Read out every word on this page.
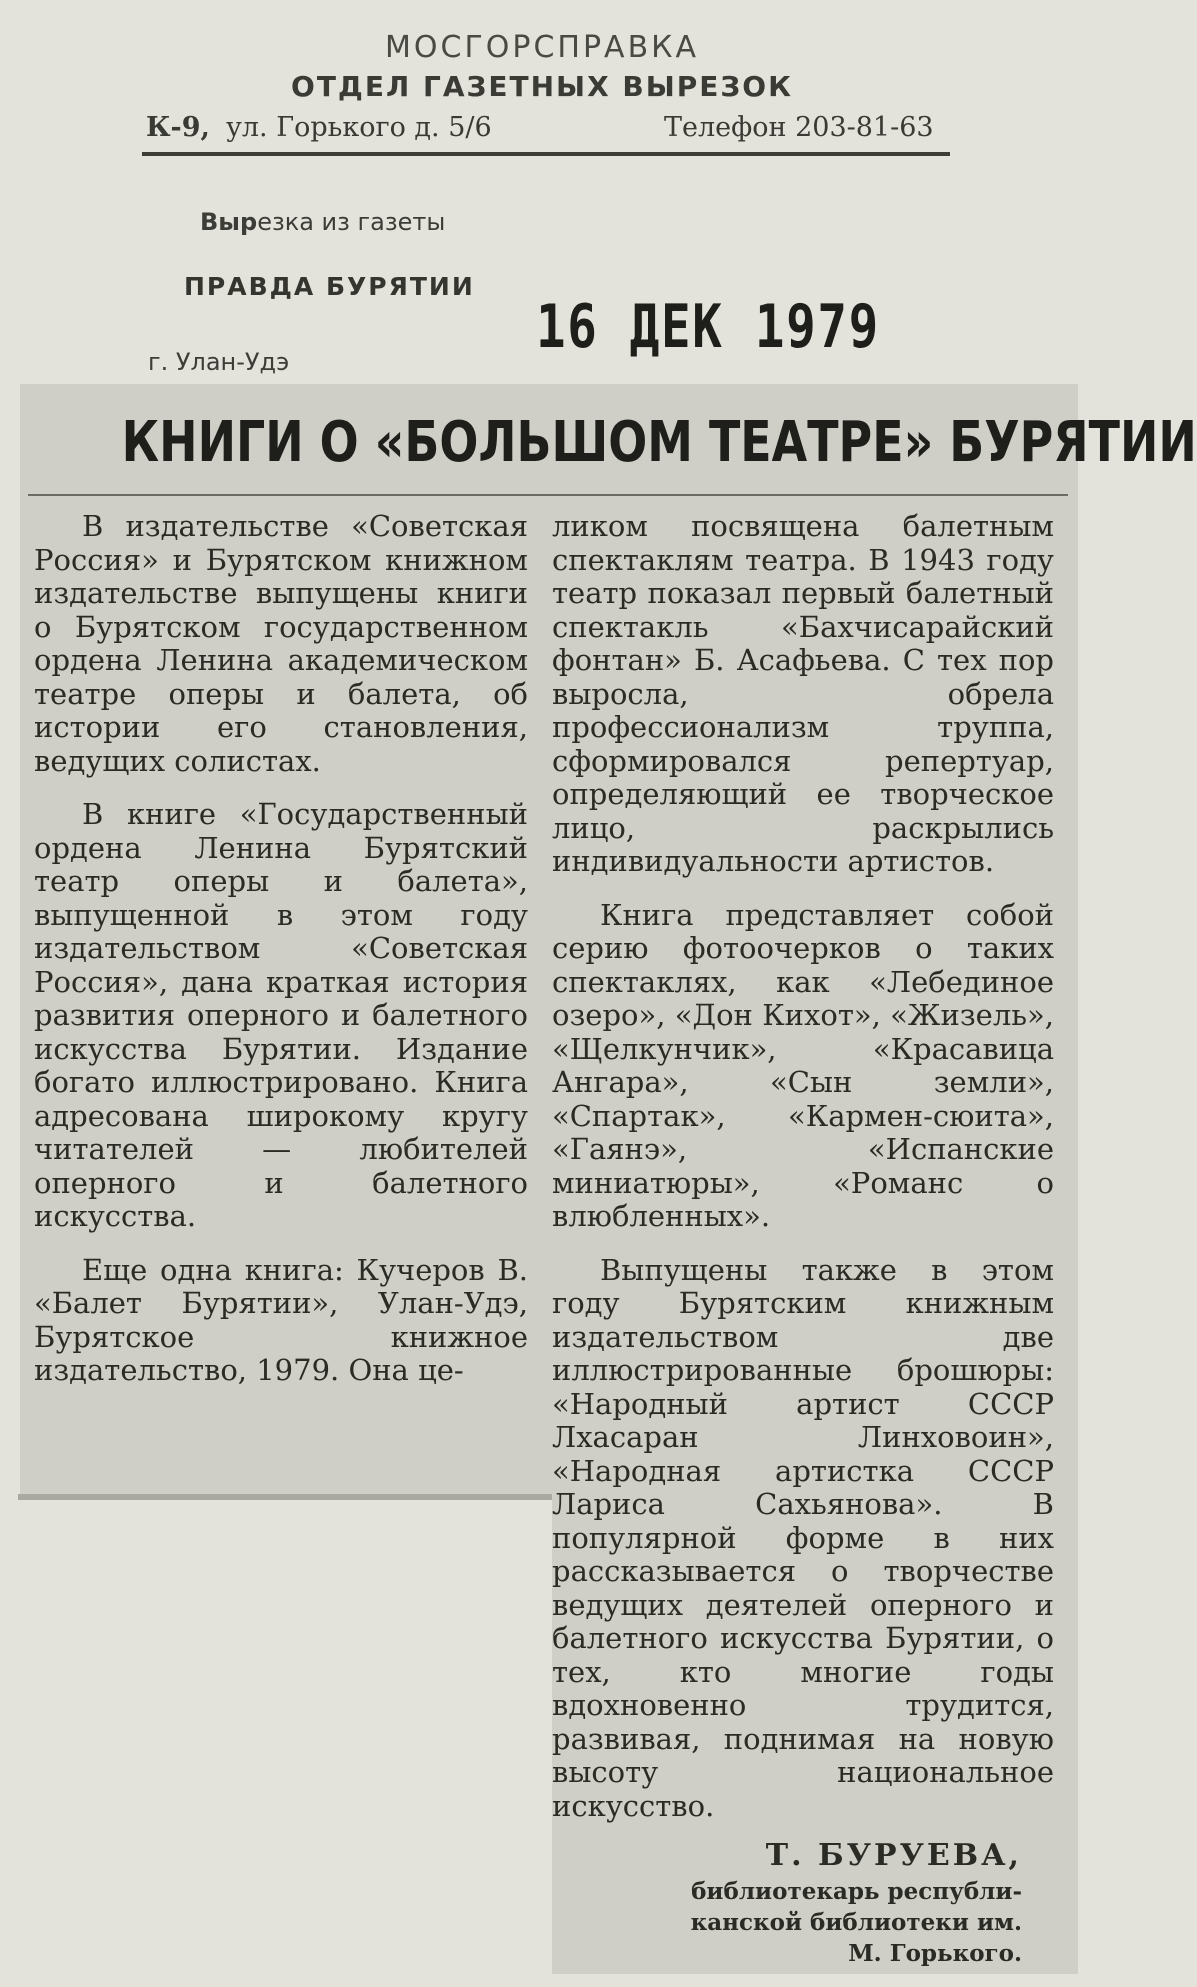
МОСГОРСПРАВКА
ОТДЕЛ ГАЗЕТНЫХ ВЫРЕЗОК
К-9, ул. Горького д. 5/6	Телефон 203-81-63
Вырезка из газеты
ПРАВДА БУРЯТИИ
г. Улан-Удэ	16 ДЕК 1979
КНИГИ О «БОЛЬШОМ ТЕАТРЕ» БУРЯТИИ

В издательстве «Советская Россия» и Бурятском книжном издательстве выпущены книги о Бурятском государственном ордена Ленина академическом театре оперы и балета, об истории его становления, ведущих солистах.

В книге «Государственный ордена Ленина Бурятский театр оперы и балета», выпущенной в этом году издательством «Советская Россия», дана краткая история развития оперного и балетного искусства Бурятии. Издание богато иллюстрировано. Книга адресована широкому кругу читателей — любителей оперного и балетного искусства.

Еще одна книга: Кучеров В. «Балет Бурятии», Улан-Удэ, Бурятское книжное издательство, 1979. Она це-

ликом посвящена балетным спектаклям театра. В 1943 году театр показал первый балетный спектакль «Бахчисарайский фонтан» Б. Асафьева. С тех пор выросла, обрела профессионализм труппа, сформировался репертуар, определяющий ее творческое лицо, раскрылись индивидуальности артистов.

Книга представляет собой серию фотоочерков о таких спектаклях, как «Лебединое озеро», «Дон Кихот», «Жизель», «Щелкунчик», «Красавица Ангара», «Сын земли», «Спартак», «Кармен-сюита», «Гаянэ», «Испанские миниатюры», «Романс о влюбленных».

Выпущены также в этом году Бурятским книжным издательством две иллюстрированные брошюры: «Народный артист СССР Лхасаран Линховоин», «Народная артистка СССР Лариса Сахьянова». В популярной форме в них рассказывается о творчестве ведущих деятелей оперного и балетного искусства Бурятии, о тех, кто многие годы вдохновенно трудится, развивая, поднимая на новую высоту национальное искусство.

Т. БУРУЕВА,
библиотекарь республи-
канской библиотеки им.
М. Горького.
